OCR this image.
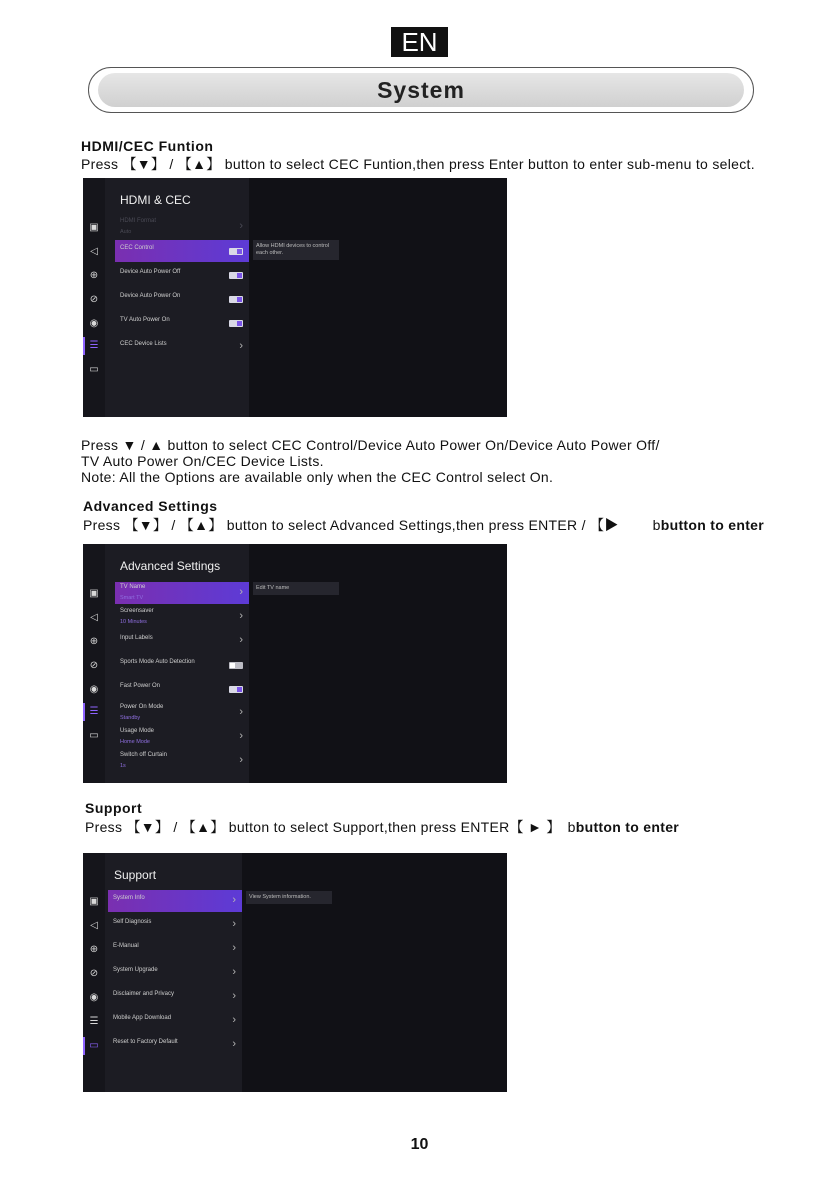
EN
System
HDMI/CEC Funtion
Press 【▼】 / 【▲】 button to select CEC Funtion,then press Enter button to enter sub-menu to select.
▣
◁
⊕
⊘
◉
☰
▭
HDMI & CEC
HDMI Format
Auto	›
CEC Control
Device Auto Power Off
Device Auto Power On
TV Auto Power On
CEC Device Lists	›
Allow HDMI devices to control each other.
Press ▼ / ▲ button to select CEC Control/Device Auto Power On/Device Auto Power Off/
TV Auto Power On/CEC Device Lists.
Note: All the Options are available only when the CEC Control select On.
Advanced Settings
Press 【▼】 / 【▲】 button to select Advanced Settings,then press ENTER / 【▶ bbutton to enter
▣
◁
⊕
⊘
◉
☰
▭
Advanced Settings
TV Name
Smart TV	›
Screensaver
10 Minutes	›
Input Labels	›
Sports Mode Auto Detection
Fast Power On
Power On Mode
Standby	›
Usage Mode
Home Mode	›
Switch off Curtain
1s	›
Edit TV name
Support
Press 【▼】 / 【▲】 button to select Support,then press ENTER【 ► 】 bbutton to enter
▣
◁
⊕
⊘
◉
☰
▭
Support
System Info	›
Self Diagnosis	›
E-Manual	›
System Upgrade	›
Disclaimer and Privacy	›
Mobile App Download	›
Reset to Factory Default	›
View System information.
10
